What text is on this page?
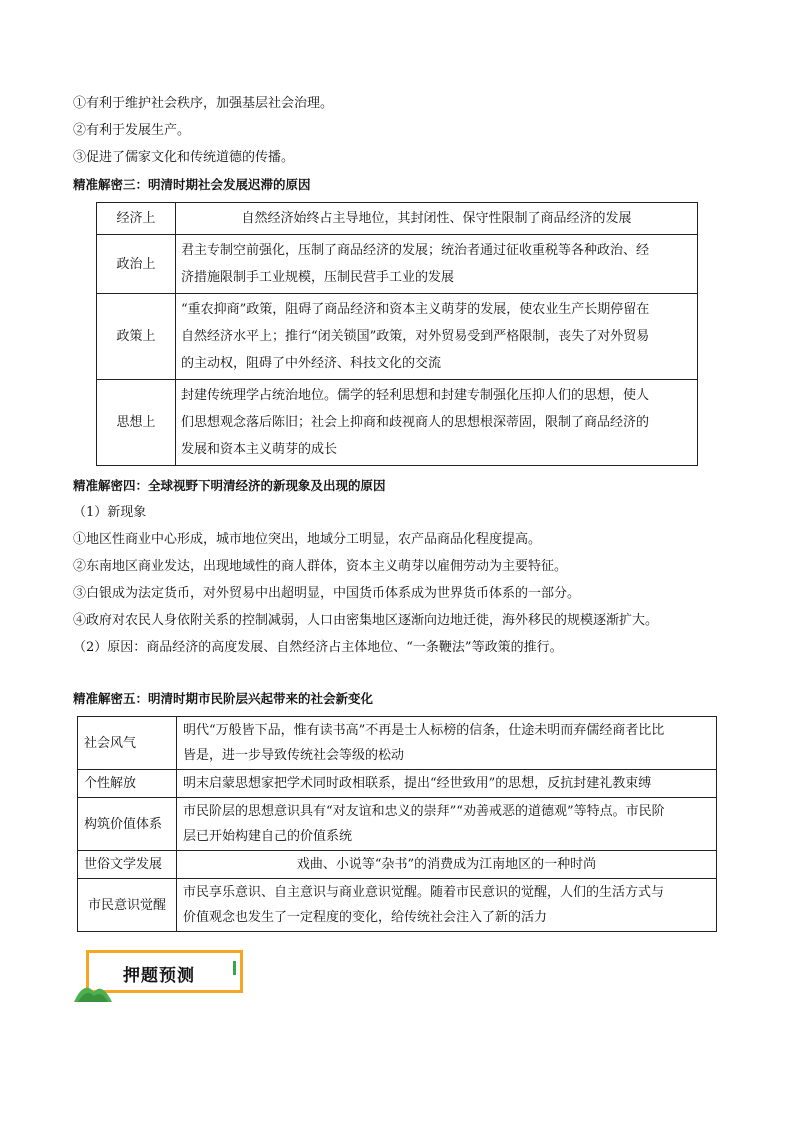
①有利于维护社会秩序，加强基层社会治理。
②有利于发展生产。
③促进了儒家文化和传统道德的传播。
精准解密三：明清时期社会发展迟滞的原因
经济上	自然经济始终占主导地位，其封闭性、保守性限制了商品经济的发展
政治上	君主专制空前强化，压制了商品经济的发展；统治者通过征收重税等各种政治、经
济措施限制手工业规模，压制民营手工业的发展
政策上	“重农抑商”政策，阻碍了商品经济和资本主义萌芽的发展，使农业生产长期停留在
自然经济水平上；推行“闭关锁国”政策，对外贸易受到严格限制，丧失了对外贸易
的主动权，阻碍了中外经济、科技文化的交流
思想上	封建传统理学占统治地位。儒学的轻利思想和封建专制强化压抑人们的思想，使人
们思想观念落后陈旧；社会上抑商和歧视商人的思想根深蒂固，限制了商品经济的
发展和资本主义萌芽的成长
精准解密四：全球视野下明清经济的新现象及出现的原因
（1）新现象
①地区性商业中心形成，城市地位突出，地域分工明显，农产品商品化程度提高。
②东南地区商业发达，出现地域性的商人群体，资本主义萌芽以雇佣劳动为主要特征。
③白银成为法定货币，对外贸易中出超明显，中国货币体系成为世界货币体系的一部分。
④政府对农民人身依附关系的控制减弱，人口由密集地区逐渐向边地迁徙，海外移民的规模逐渐扩大。
（2）原因：商品经济的高度发展、自然经济占主体地位、“一条鞭法”等政策的推行。
精准解密五：明清时期市民阶层兴起带来的社会新变化
社会风气	明代“万般皆下品，惟有读书高”不再是士人标榜的信条，仕途未明而弃儒经商者比比
皆是，进一步导致传统社会等级的松动
个性解放	明末启蒙思想家把学术同时政相联系，提出“经世致用”的思想，反抗封建礼教束缚
构筑价值体系	市民阶层的思想意识具有“对友谊和忠义的崇拜”“劝善戒恶的道德观”等特点。市民阶
层已开始构建自己的价值系统
世俗文学发展	戏曲、小说等“杂书”的消费成为江南地区的一种时尚
市民意识觉醒	市民享乐意识、自主意识与商业意识觉醒。随着市民意识的觉醒，人们的生活方式与
价值观念也发生了一定程度的变化，给传统社会注入了新的活力
押题预测
